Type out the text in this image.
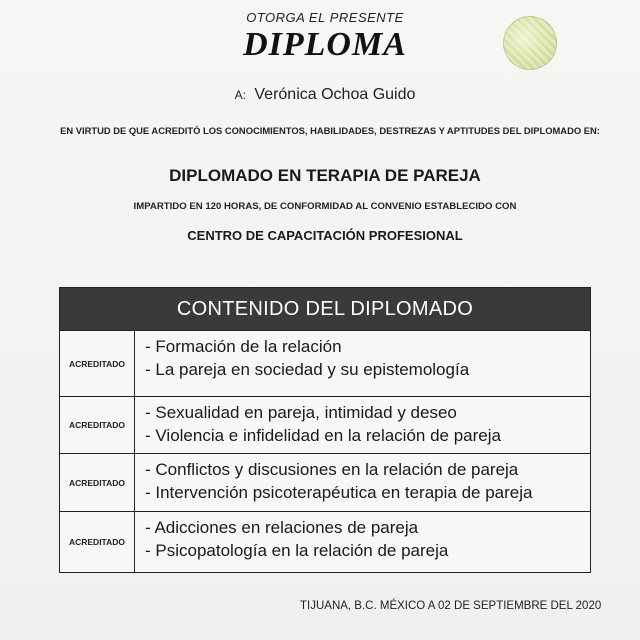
OTORGA EL PRESENTE
DIPLOMA
A: Verónica Ochoa Guido
EN VIRTUD DE QUE ACREDITÓ LOS CONOCIMIENTOS, HABILIDADES, DESTREZAS Y APTITUDES DEL DIPLOMADO EN:
DIPLOMADO EN TERAPIA DE PAREJA
IMPARTIDO EN 120 HORAS, DE CONFORMIDAD AL CONVENIO ESTABLECIDO CON
CENTRO DE CAPACITACIÓN PROFESIONAL
CONTENIDO DEL DIPLOMADO
ACREDITADO
- Formación de la relación
- La pareja en sociedad y su epistemología
ACREDITADO
- Sexualidad en pareja, intimidad y deseo
- Violencia e infidelidad en la relación de pareja
ACREDITADO
- Conflictos y discusiones en la relación de pareja
- Intervención psicoterapéutica en terapia de pareja
ACREDITADO
- Adicciones en relaciones de pareja
- Psicopatología en la relación de pareja
TIJUANA, B.C. MÉXICO A 02 DE SEPTIEMBRE DEL 2020
